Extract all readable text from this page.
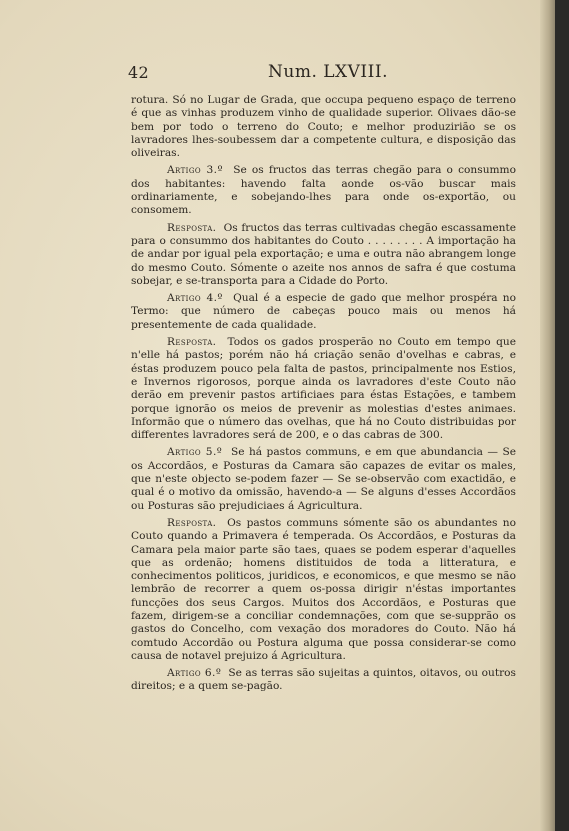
42	Num. LXVIII.

rotura. Só no Lugar de Grada, que occupa pequeno espaço de terreno é que as vinhas produzem vinho de qualidade superior. Olivaes dão-se bem por todo o terreno do Couto; e melhor produzirião se os lavradores lhes-soubessem dar a competente cultura, e disposição das oliveiras.

Artigo 3.º Se os fructos das terras chegão para o consummo dos habitantes: havendo falta aonde os-vão buscar mais ordinariamente, e sobejando-lhes para onde os-exportão, ou consomem.

Resposta. Os fructos das terras cultivadas chegão escassamente para o consummo dos habitantes do Couto . . . . . . . . A importação ha de andar por igual pela exportação; e uma e outra não abrangem longe do mesmo Couto. Sómente o azeite nos annos de safra é que costuma sobejar, e se-transporta para a Cidade do Porto.

Artigo 4.º Qual é a especie de gado que melhor prospéra no Termo: que número de cabeças pouco mais ou menos há presentemente de cada qualidade.

Resposta. Todos os gados prosperão no Couto em tempo que n'elle há pastos; porém não há criação senão d'ovelhas e cabras, e éstas produzem pouco pela falta de pastos, principalmente nos Estios, e Invernos rigorosos, porque ainda os lavradores d'este Couto não derão em prevenir pastos artificiaes para éstas Estações, e tambem porque ignorão os meios de prevenir as molestias d'estes animaes. Informão que o número das ovelhas, que há no Couto distribuidas por differentes lavradores será de 200, e o das cabras de 300.

Artigo 5.º Se há pastos communs, e em que abundancia — Se os Accordãos, e Posturas da Camara são capazes de evitar os males, que n'este objecto se-podem fazer — Se se-observão com exactidão, e qual é o motivo da omissão, havendo-a — Se alguns d'esses Accordãos ou Posturas são prejudiciaes á Agricultura.

Resposta. Os pastos communs sómente são os abundantes no Couto quando a Primavera é temperada. Os Accordãos, e Posturas da Camara pela maior parte são taes, quaes se podem esperar d'aquelles que as ordenão; homens distituidos de toda a litteratura, e conhecimentos politicos, juridicos, e economicos, e que mesmo se não lembrão de recorrer a quem os-possa dirigir n'éstas importantes funcções dos seus Cargos. Muitos dos Accordãos, e Posturas que fazem, dirigem-se a conciliar condemnações, com que se-supprão os gastos do Concelho, com vexação dos moradores do Couto. Não há comtudo Accordão ou Postura alguma que possa considerar-se como causa de notavel prejuizo á Agricultura.

Artigo 6.º Se as terras são sujeitas a quintos, oitavos, ou outros direitos; e a quem se-pagão.
